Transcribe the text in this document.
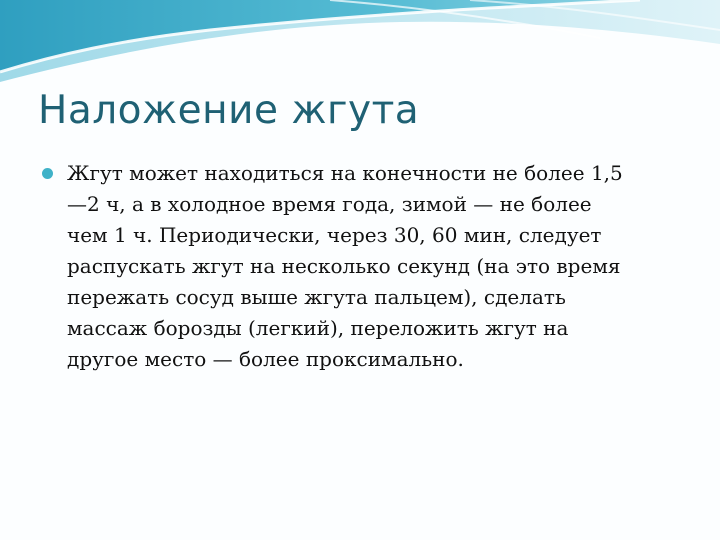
Наложение жгута
Жгут может находиться на конечности не более 1,5
—2 ч, а в холодное время года, зимой — не более
чем 1 ч. Периодически, через 30, 60 мин, следует
распускать жгут на несколько секунд (на это время
пережать сосуд выше жгута пальцем), сделать
массаж борозды (легкий), переложить жгут на
другое место — более проксимально.
